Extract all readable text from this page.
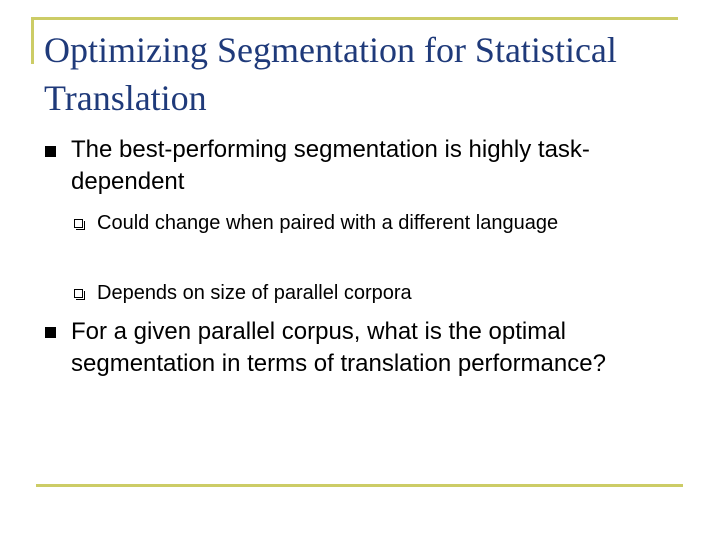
Optimizing Segmentation for Statistical Translation
The best-performing segmentation is highly task-dependent
Could change when paired with a different language
Depends on size of parallel corpora
For a given parallel corpus, what is the optimal segmentation in terms of translation performance?
